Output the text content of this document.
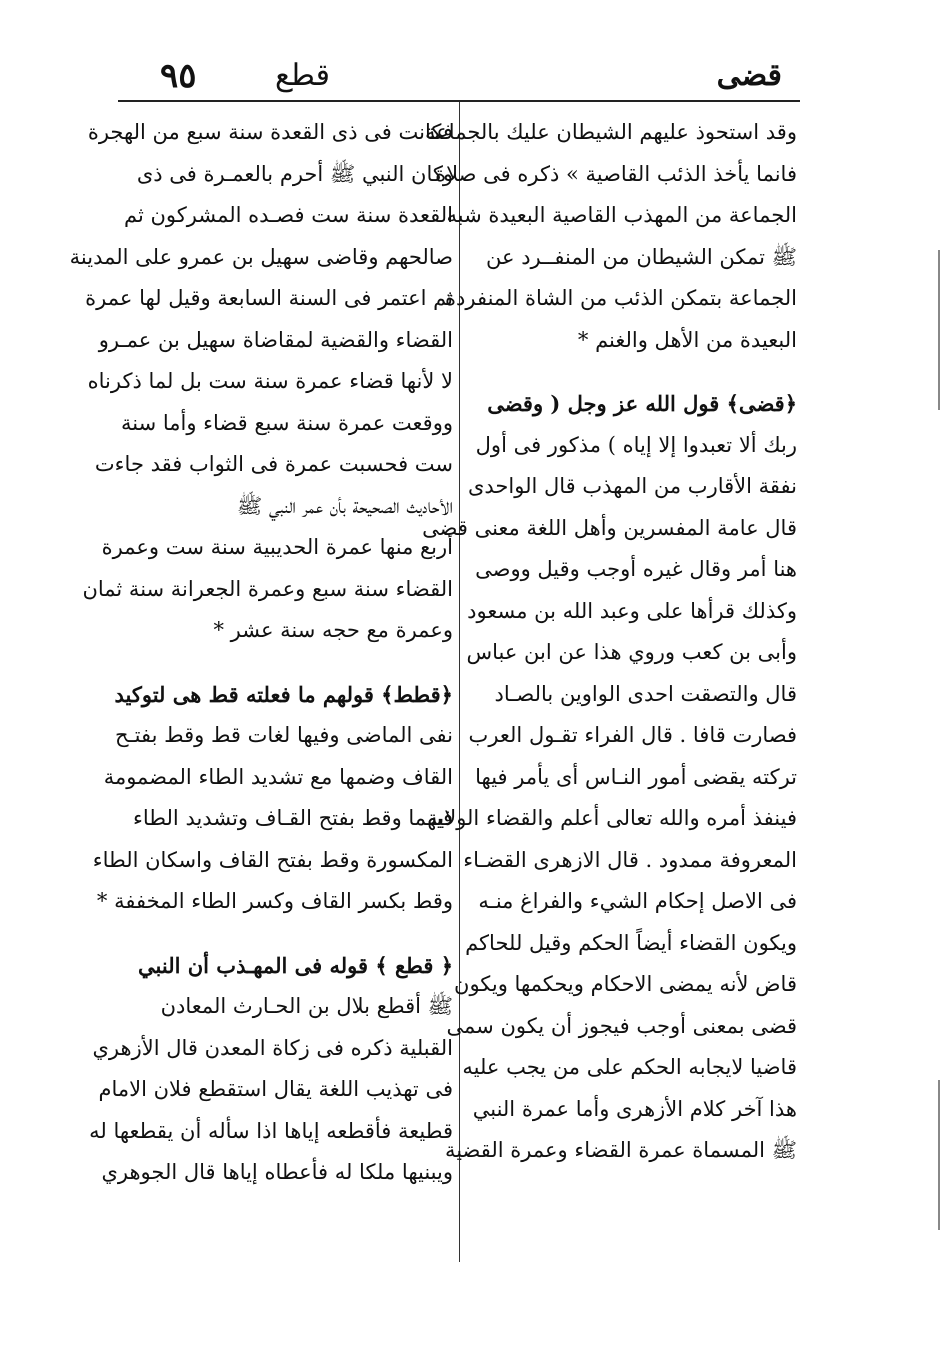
٩٥	قطع	قضى
وقد استحوذ عليهم الشيطان عليك بالجماعة
فانما يأخذ الذئب القاصية » ذكره فى صلاة
الجماعة من المهذب القاصية البعيدة شبه
ﷺ تمكن الشيطان من المنفــرد عن
الجماعة بتمكن الذئب من الشاة المنفردة
البعيدة من الأهل والغنم *
﴿قضى﴾ قول الله عز وجل ( وقضى
ربك ألا تعبدوا إلا إياه ) مذكور فى أول
نفقة الأقارب من المهذب قال الواحدى
قال عامة المفسرين وأهل اللغة معنى قضى
هنا أمر وقال غيره أوجب وقيل ووصى
وكذلك قرأها على وعبد الله بن مسعود
وأبى بن كعب وروي هذا عن ابن عباس
قال والتصقت احدى الواوين بالصـاد
فصارت قافا . قال الفراء تقـول العرب
تركته يقضى أمور النـاس أى يأمر فيها
فينفذ أمره والله تعالى أعلم والقضاء الولاية
المعروفة ممدود . قال الازهرى القضـاء
فى الاصل إحكام الشيء والفراغ منـه
ويكون القضاء أيضاً الحكم وقيل للحاكم
قاض لأنه يمضى الاحكام ويحكمها ويكون
قضى بمعنى أوجب فيجوز أن يكون سمى
قاضيا لايجابه الحكم على من يجب عليه
هذا آخر كلام الأزهرى وأما عمرة النبي
ﷺ المسماة عمرة القضاء وعمرة القضية
فكانت فى ذى القعدة سنة سبع من الهجرة
وكان النبي ﷺ أحرم بالعمـرة فى ذى
القعدة سنة ست فصـده المشركون ثم
صالحهم وقاضى سهيل بن عمرو على المدينة
ثم اعتمر فى السنة السابعة وقيل لها عمرة
القضاء والقضية لمقاضاة سهيل بن عمـرو
لا لأنها قضاء عمرة سنة ست بل لما ذكرناه
ووقعت عمرة سنة سبع قضاء وأما سنة
ست فحسبت عمرة فى الثواب فقد جاءت
الأحاديث الصحيحة بأن عمر النبي ﷺ
أربع منها عمرة الحديبية سنة ست وعمرة
القضاء سنة سبع وعمرة الجعرانة سنة ثمان
وعمرة مع حجه سنة عشر *
﴿قطط﴾ قولهم ما فعلته قط هى لتوكيد
نفى الماضى وفيها لغات قط وقط بفتـح
القاف وضمها مع تشديد الطاء المضمومة
فيهما وقط بفتح القـاف وتشديد الطاء
المكسورة وقط بفتح القاف واسكان الطاء
وقط بكسر القاف وكسر الطاء المخففة *
﴿ قطع ﴾ قوله فى المهـذب أن النبي
ﷺ أقطع بلال بن الحـارث المعادن
القبلية ذكره فى زكاة المعدن قال الأزهري
فى تهذيب اللغة يقال استقطع فلان الامام
قطيعة فأقطعه إياها اذا سأله أن يقطعها له
ويبنيها ملكا له فأعطاه إياها قال الجوهري
